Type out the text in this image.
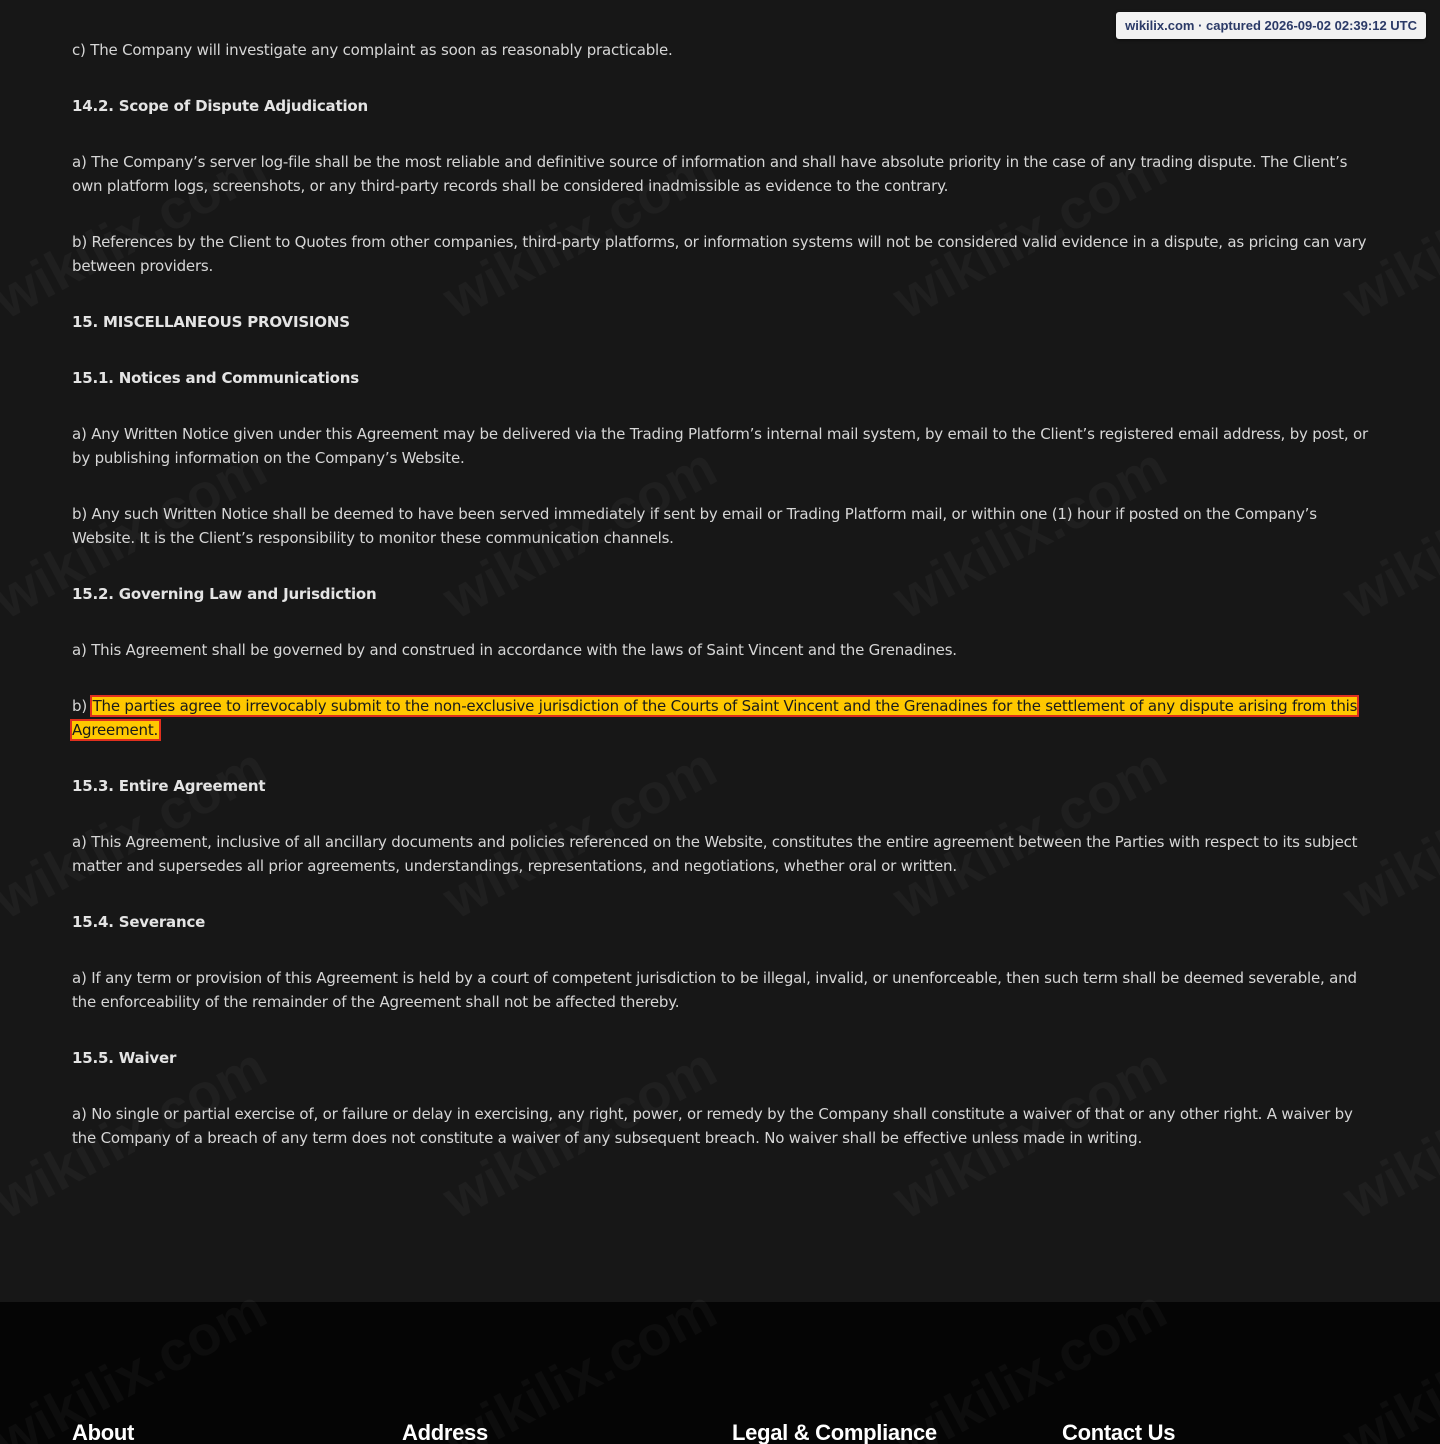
wikilix.com · captured 2026-09-02 02:39:12 UTC

c) The Company will investigate any complaint as soon as reasonably practicable.

14.2. Scope of Dispute Adjudication

a) The Company’s server log-file shall be the most reliable and definitive source of information and shall have absolute priority in the case of any trading dispute. The Client’s own platform logs, screenshots, or any third-party records shall be considered inadmissible as evidence to the contrary.

b) References by the Client to Quotes from other companies, third-party platforms, or information systems will not be considered valid evidence in a dispute, as pricing can vary between providers.

15. MISCELLANEOUS PROVISIONS

15.1. Notices and Communications

a) Any Written Notice given under this Agreement may be delivered via the Trading Platform’s internal mail system, by email to the Client’s registered email address, by post, or by publishing information on the Company’s Website.

b) Any such Written Notice shall be deemed to have been served immediately if sent by email or Trading Platform mail, or within one (1) hour if posted on the Company’s Website. It is the Client’s responsibility to monitor these communication channels.

15.2. Governing Law and Jurisdiction

a) This Agreement shall be governed by and construed in accordance with the laws of Saint Vincent and the Grenadines.

b) The parties agree to irrevocably submit to the non-exclusive jurisdiction of the Courts of Saint Vincent and the Grenadines for the settlement of any dispute arising from this Agreement.

15.3. Entire Agreement

a) This Agreement, inclusive of all ancillary documents and policies referenced on the Website, constitutes the entire agreement between the Parties with respect to its subject matter and supersedes all prior agreements, understandings, representations, and negotiations, whether oral or written.

15.4. Severance

a) If any term or provision of this Agreement is held by a court of competent jurisdiction to be illegal, invalid, or unenforceable, then such term shall be deemed severable, and the enforceability of the remainder of the Agreement shall not be affected thereby.

15.5. Waiver

a) No single or partial exercise of, or failure or delay in exercising, any right, power, or remedy by the Company shall constitute a waiver of that or any other right. A waiver by the Company of a breach of any term does not constitute a waiver of any subsequent breach. No waiver shall be effective unless made in writing.

About	Address	Legal & Compliance	Contact Us
